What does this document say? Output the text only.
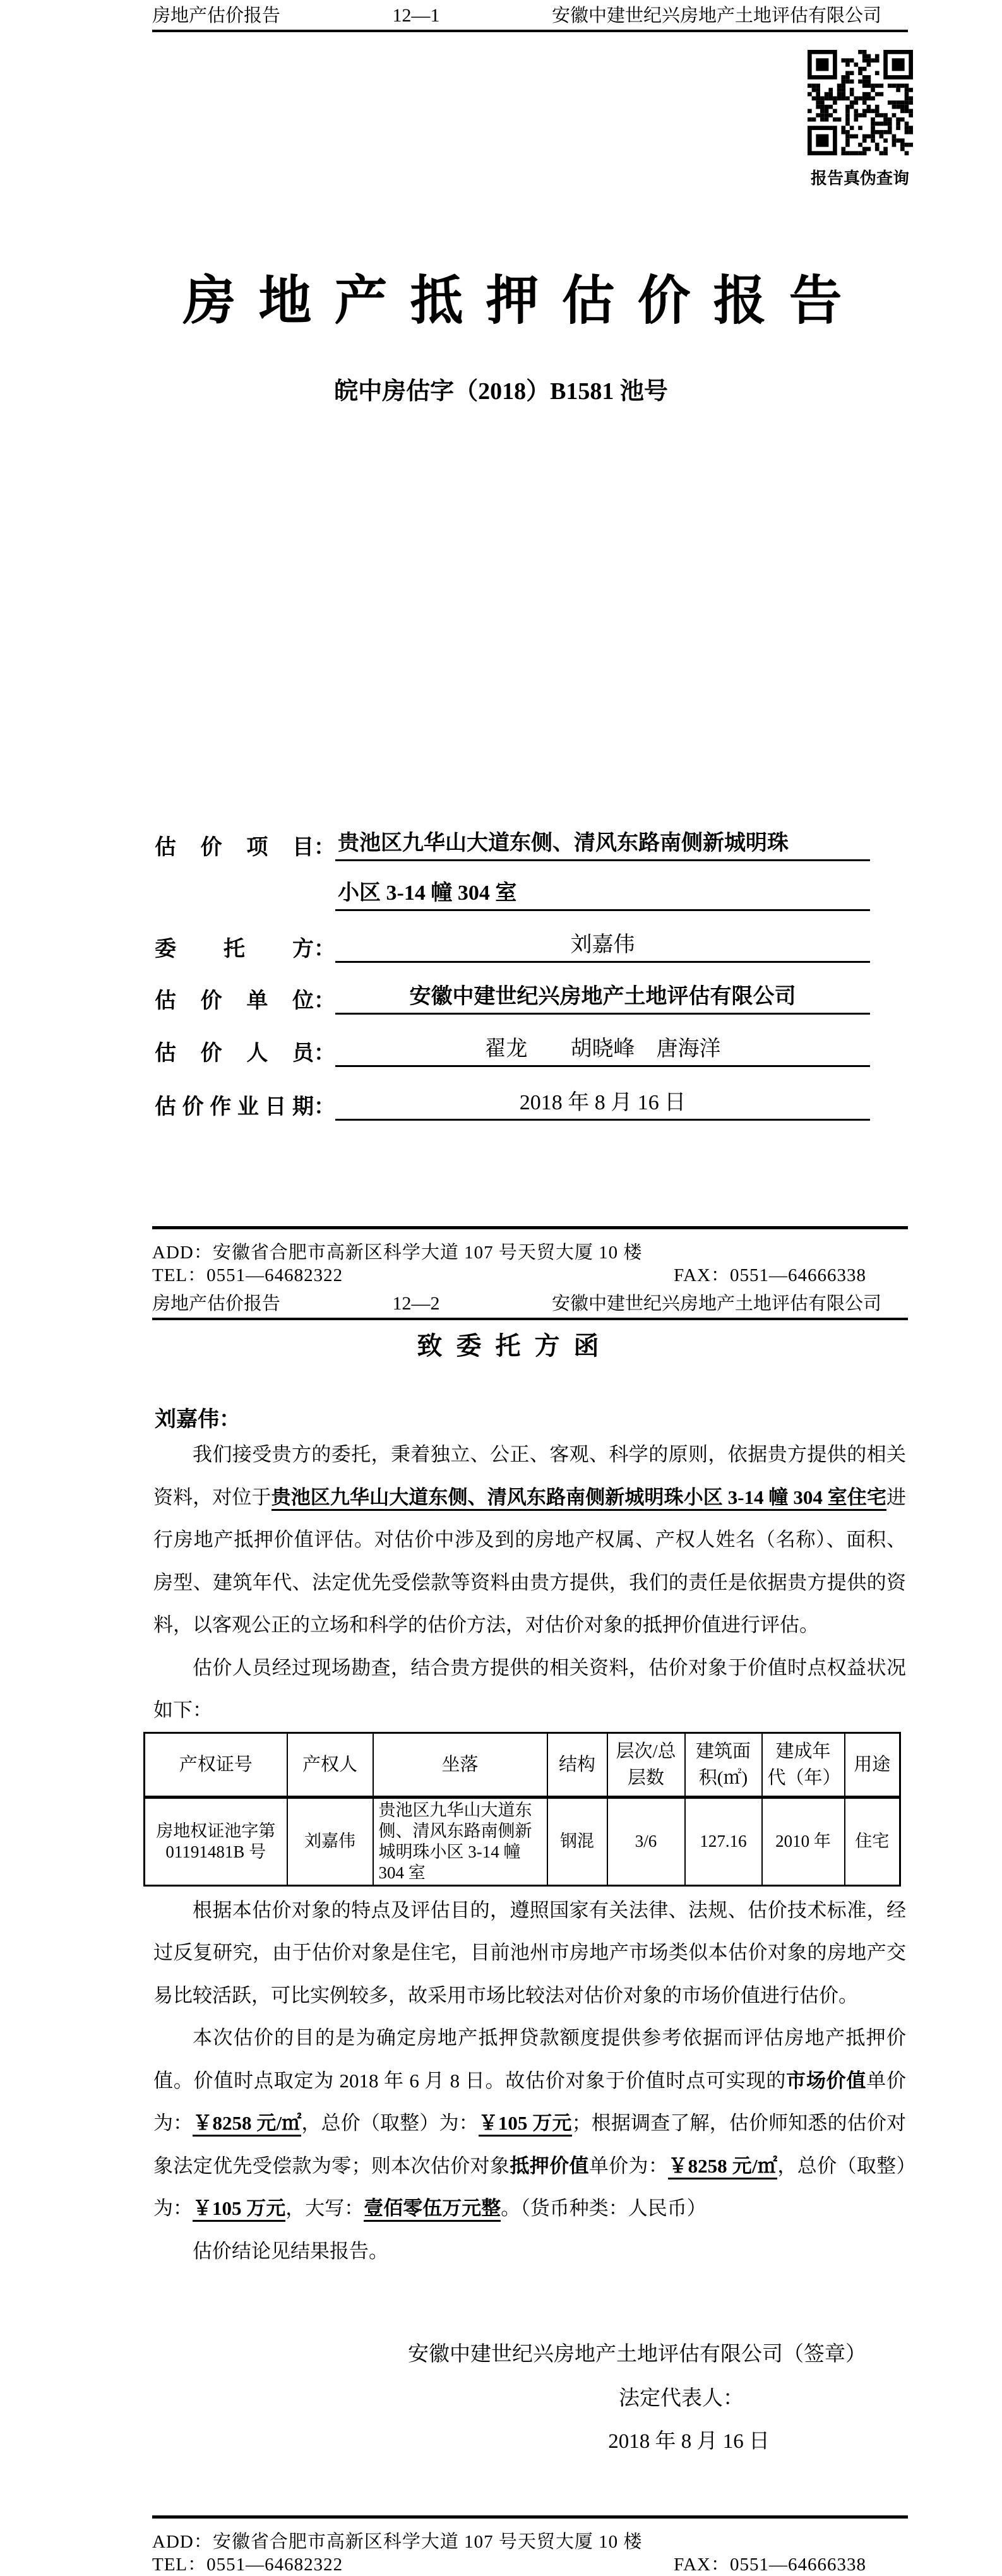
房地产估价报告	12—1	安徽中建世纪兴房地产土地评估有限公司
报告真伪查询
房地产抵押估价报告
皖中房估字（2018）B1581 池号
估价项目 ： 贵池区九华山大道东侧、清风东路南侧新城明珠
小区 3-14 幢 304 室
委托方 ：	刘嘉伟
估价单位 ：	安徽中建世纪兴房地产土地评估有限公司
估价人员 ：	翟龙　　胡晓峰　唐海洋
估价作业日期 ：	2018 年 8 月 16 日
ADD：安徽省合肥市高新区科学大道 107 号天贸大厦 10 楼
TEL：0551—64682322	FAX：0551—64666338
房地产估价报告	12—2	安徽中建世纪兴房地产土地评估有限公司
致委托方函
刘嘉伟：

我们接受贵方的委托，秉着独立、公正、客观、科学的原则，依据贵方提供的相关资料，对位于贵池区九华山大道东侧、清风东路南侧新城明珠小区 3-14 幢 304 室住宅进行房地产抵押价值评估。对估价中涉及到的房地产权属、产权人姓名（名称）、面积、房型、建筑年代、法定优先受偿款等资料由贵方提供，我们的责任是依据贵方提供的资料，以客观公正的立场和科学的估价方法，对估价对象的抵押价值进行评估。

估价人员经过现场勘查，结合贵方提供的相关资料，估价对象于价值时点权益状况如下：

产权证号	产权人	坐落	结构	层次/总层数	建筑面积(㎡)	建成年代（年）	用途
房地权证池字第 01191481B 号	刘嘉伟	贵池区九华山大道东侧、清风东路南侧新城明珠小区 3-14 幢 304 室	钢混	3/6	127.16	2010 年	住宅

根据本估价对象的特点及评估目的，遵照国家有关法律、法规、估价技术标准，经过反复研究，由于估价对象是住宅，目前池州市房地产市场类似本估价对象的房地产交易比较活跃，可比实例较多，故采用市场比较法对估价对象的市场价值进行估价。

本次估价的目的是为确定房地产抵押贷款额度提供参考依据而评估房地产抵押价值。价值时点取定为 2018 年 6 月 8 日。故估价对象于价值时点可实现的市场价值单价为：￥8258 元/㎡，总价（取整）为：￥105 万元；根据调查了解，估价师知悉的估价对象法定优先受偿款为零；则本次估价对象抵押价值单价为：￥8258 元/㎡，总价（取整）为：￥105 万元，大写：壹佰零伍万元整。（货币种类：人民币）

估价结论见结果报告。

安徽中建世纪兴房地产土地评估有限公司（签章）
法定代表人：
2018 年 8 月 16 日
ADD：安徽省合肥市高新区科学大道 107 号天贸大厦 10 楼
TEL：0551—64682322	FAX：0551—64666338
